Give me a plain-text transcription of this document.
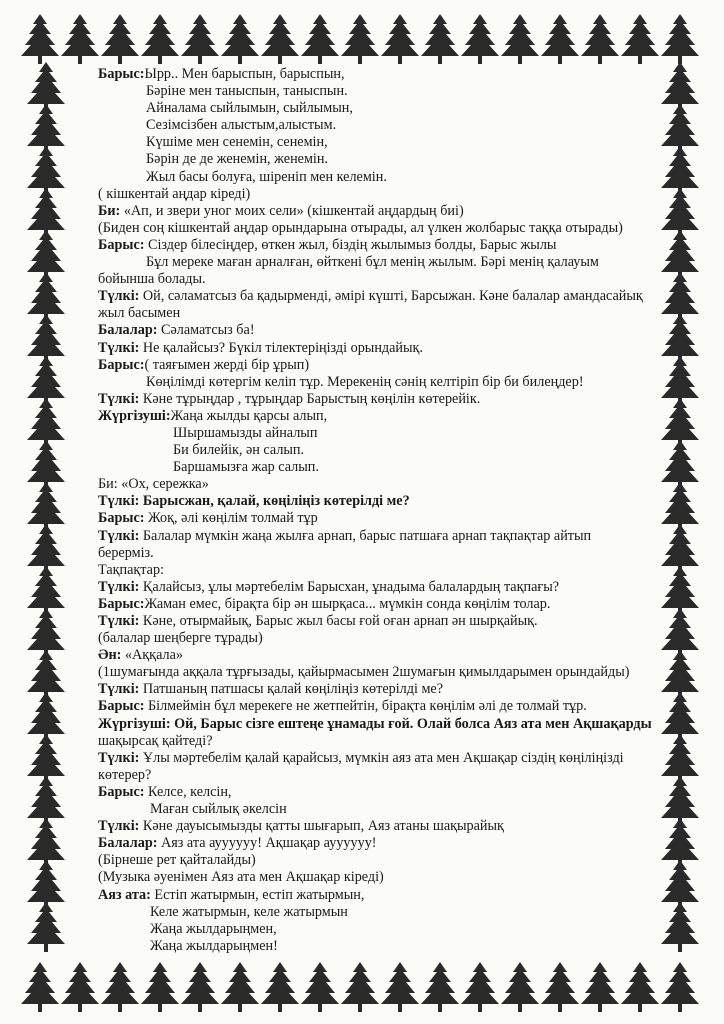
Барыс:Ырр.. Мен барыспын, барыспын,
Бәріне мен таныспын, таныспын.
Айналама сыйлымын, сыйлымын,
Сезімсізбен алыстым,алыстым.
Күшіме мен сенемін, сенемін,
Бәрін де де женемін, женемін.
Жыл басы болуға, шіреніп мен келемін.
( кішкентай аңдар кіреді)
Би: «Ап, и звери уног моих сели» (кішкентай аңдардың биі)
(Биден соң кішкентай аңдар орындарына отырады, ал үлкен жолбарыс таққа отырады)
Барыс: Сіздер білесіңдер, өткен жыл, біздің жылымыз болды, Барыс жылы
Бұл мереке маған арналған, өйткені бұл менің жылым. Бәрі менің қалауым
бойынша болады.
Түлкі: Ой, сәламатсыз ба қадырменді, әмірі күшті, Барсыжан. Кәне балалар амандасайық
жыл басымен
Балалар: Сәламатсыз ба!
Түлкі: Не қалайсыз? Бүкіл тілектеріңізді орындайық.
Барыс:( таяғымен жерді бір ұрып)
Көңілімді көтергім келіп тұр. Мерекенің сәнің келтіріп бір би билеңдер!
Түлкі: Кәне тұрыңдар , тұрыңдар Барыстың көңілін көтерейік.
Жүргізуші:Жаңа жылды қарсы алып,
Шыршамызды айналып
Би билейік, ән салып.
Баршамызға жар салып.
Би: «Ох, сережка»
Түлкі: Барысжан, қалай, көңіліңіз көтерілді ме?
Барыс: Жоқ, әлі көңілім толмай тұр
Түлкі: Балалар мүмкін жаңа жылға арнап, барыс патшаға арнап тақпақтар айтып
берерміз.
Тақпақтар:
Түлкі: Қалайсыз, ұлы мәртебелім Барысхан, ұнадыма балалардың тақпағы?
Барыс:Жаман емес, бірақта бір ән шырқаса... мүмкін сонда көңілім толар.
Түлкі: Кәне, отырмайық, Барыс жыл басы ғой оған арнап ән шырқайық.
(балалар шеңберге тұрады)
Ән: «Аққала»
(1шумағында аққала тұрғызады, қайырмасымен 2шумағын қимылдарымен орындайды)
Түлкі: Патшаның патшасы қалай көңіліңіз көтерілді ме?
Барыс: Білмеймін бұл мерекеге не жетпейтін, бірақта көңілім әлі де толмай тұр.
Жүргізуші: Ой, Барыс сізге ештеңе ұнамады ғой. Олай болса Аяз ата мен Ақшақарды
шақырсақ қайтеді?
Түлкі: Ұлы мәртебелім қалай қарайсыз, мүмкін аяз ата мен Ақшақар сіздің көңіліңізді
көтерер?
Барыс: Келсе, келсін,
Маған сыйлық әкелсін
Түлкі: Кәне дауысымызды қатты шығарып, Аяз атаны шақырайық
Балалар: Аяз ата ауууууу! Ақшақар ауууууу!
(Бірнеше рет қайталайды)
(Музыка әуенімен Аяз ата мен Ақшақар кіреді)
Аяз ата: Естіп жатырмын, естіп жатырмын,
Келе жатырмын, келе жатырмын
Жаңа жылдарыңмен,
Жаңа жылдарыңмен!
